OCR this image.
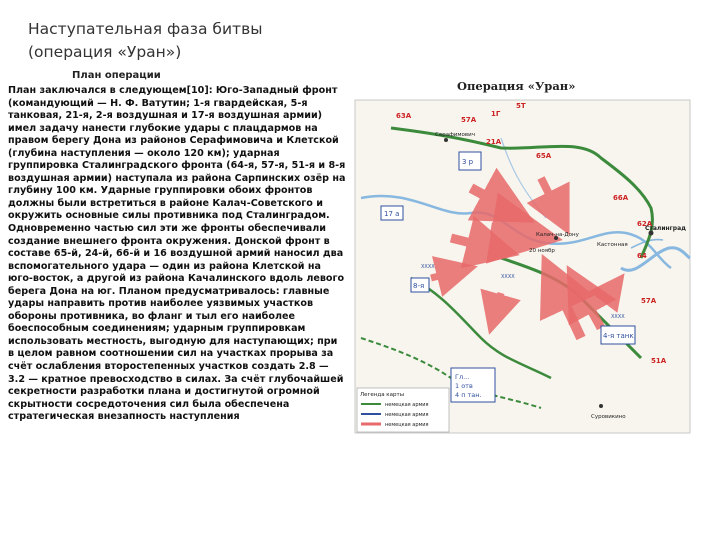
Наступательная фаза битвы
(операция «Уран»)
План операции
План заключался в следующем[10]: Юго-Западный фронт (командующий — Н. Ф. Ватутин; 1-я гвардейская, 5-я танковая, 21-я, 2-я воздушная и 17-я воздушная армии) имел задачу нанести глубокие удары с плацдармов на правом берегу Дона из районов Серафимовича и Клетской (глубина наступления — около 120 км); ударная группировка Сталинградского фронта (64-я, 57-я, 51-я и 8-я воздушная армии) наступала из района Сарпинских озёр на глубину 100 км. Ударные группировки обоих фронтов должны были встретиться в районе Калач-Советского и окружить основные силы противника под Сталинградом. Одновременно частью сил эти же фронты обеспечивали создание внешнего фронта окружения. Донской фронт в составе 65-й, 24-й, 66-й и 16 воздушной армий наносил два вспомогательного удара — один из района Клетской на юго-восток, а другой из района Качалинского вдоль левого берега Дона на юг. Планом предусматривалось: главные удары направить против наиболее уязвимых участков обороны противника, во фланг и тыл его наиболее боеспособным соединениям; ударным группировкам использовать местность, выгодную для наступающих; при в целом равном соотношении сил на участках прорыва за счёт ослабления второстепенных участков создать 2.8 — 3.2 — кратное превосходство в силах. За счёт глубочайшей секретности разработки плана и достигнутой огромной скрытности сосредоточения сил была обеспечена стратегическая внезапность наступления
3 р
17 а
8-я
4-я танк.
Гл...
1 отв
4 п тан.
63А	57А
1Г
5Т
21А
65А
66А
62А
57А
51А
64
Серафимович
Калач-на-Дону
Сталинград
Кастонная
20 ноябр
Суровикино
XXXX
XXXX
XXXX
Легенда карты
немецкая армия
немецкая армия
немецкая армия
Операция «Уран»
